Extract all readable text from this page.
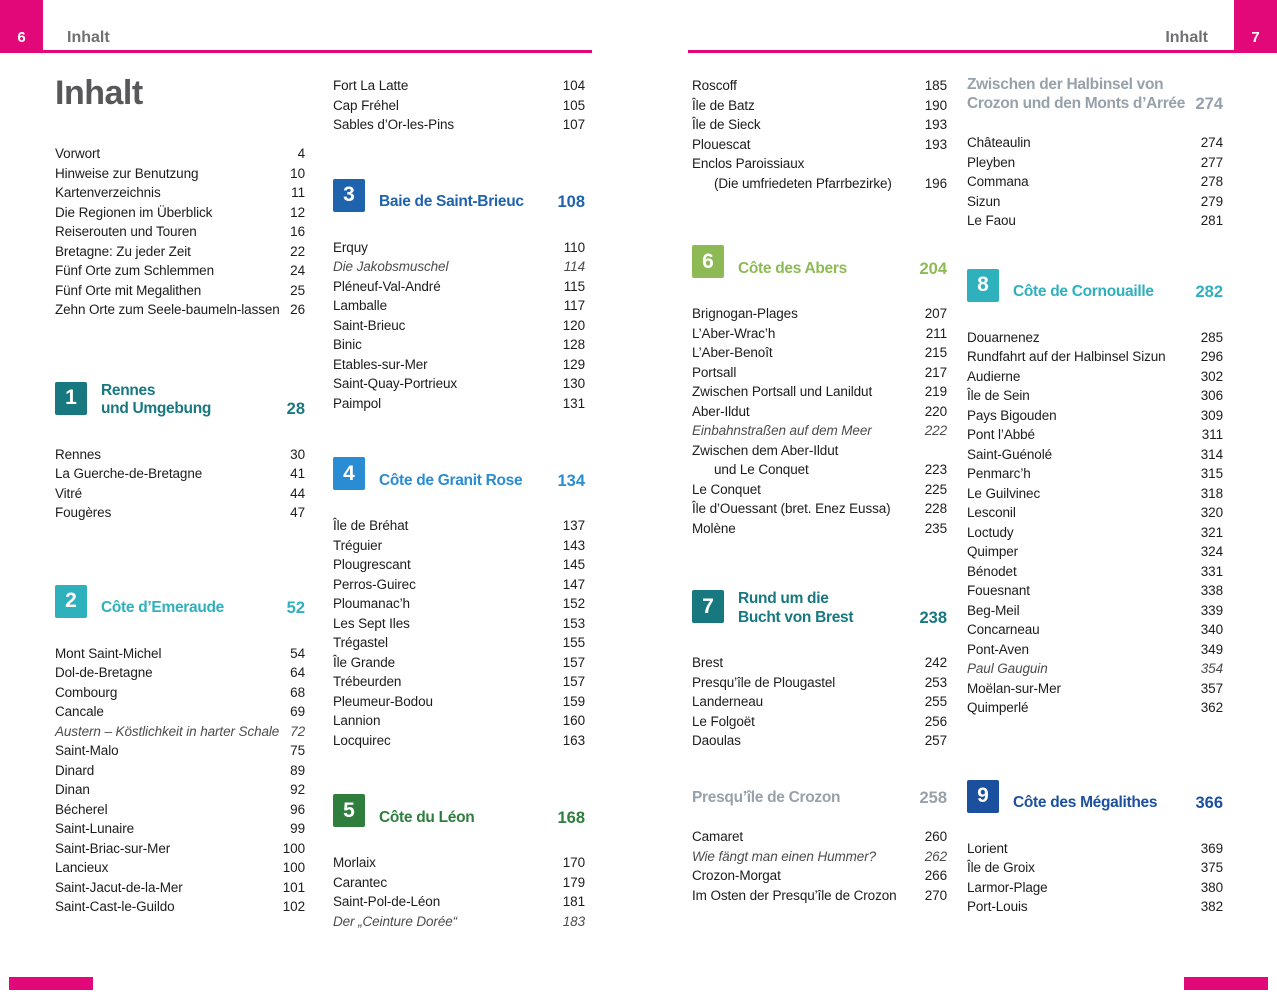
6	Inhalt	Inhalt	7
Inhalt
Vorwort	4
Hinweise zur Benutzung	10
Kartenverzeichnis	11
Die Regionen im Überblick	12
Reiserouten und Touren	16
Bretagne: Zu jeder Zeit	22
Fünf Orte zum Schlemmen	24
Fünf Orte mit Megalithen	25
Zehn Orte zum Seele-baumeln-lassen 26
1	Rennes
und Umgebung	28
Rennes	30
La Guerche-de-Bretagne	41
Vitré	44
Fougères	47
2	Côte d’Emeraude	52
Mont Saint-Michel	54
Dol-de-Bretagne	64
Combourg	68
Cancale	69
Austern – Köstlichkeit in harter Schale 72
Saint-Malo	75
Dinard	89
Dinan	92
Bécherel	96
Saint-Lunaire	99
Saint-Briac-sur-Mer	100
Lancieux	100
Saint-Jacut-de-la-Mer	101
Saint-Cast-le-Guildo	102
Fort La Latte	104
Cap Fréhel	105
Sables d’Or-les-Pins	107
3	Baie de Saint-Brieuc 108
Erquy	110
Die Jakobsmuschel	114
Pléneuf-Val-André	115
Lamballe	117
Saint-Brieuc	120
Binic	128
Etables-sur-Mer	129
Saint-Quay-Portrieux	130
Paimpol	131
4	Côte de Granit Rose 134
Île de Bréhat	137
Tréguier	143
Plougrescant	145
Perros-Guirec	147
Ploumanac’h	152
Les Sept Iles	153
Trégastel	155
Île Grande	157
Trébeurden	157
Pleumeur-Bodou	159
Lannion	160
Locquirec	163
5	Côte du Léon	168
Morlaix	170
Carantec	179
Saint-Pol-de-Léon	181
Der „Ceinture Dorée“	183
Roscoff	185
Île de Batz	190
Île de Sieck	193
Plouescat	193
Enclos Paroissiaux
(Die umfriedeten Pfarrbezirke) 196
6	Côte des Abers	204
Brignogan-Plages	207
L’Aber-Wrac’h	211
L’Aber-Benoît	215
Portsall	217
Zwischen Portsall und Lanildut	219
Aber-Ildut	220
Einbahnstraßen auf dem Meer	222
Zwischen dem Aber-Ildut
und Le Conquet	223
Le Conquet	225
Île d’Ouessant (bret. Enez Eussa)	228
Molène	235
7	Rund um die
Bucht von Brest	238
Brest	242
Presqu’île de Plougastel	253
Landerneau	255
Le Folgoët	256
Daoulas	257
Presqu’île de Crozon	258
Camaret	260
Wie fängt man einen Hummer?	262
Crozon-Morgat	266
Im Osten der Presqu’île de Crozon 270
Zwischen der Halbinsel von
Crozon und den Monts d’Arrée 274
Châteaulin	274
Pleyben	277
Commana	278
Sizun	279
Le Faou	281
8	Côte de Cornouaille	282
Douarnenez	285
Rundfahrt auf der Halbinsel Sizun	296
Audierne	302
Île de Sein	306
Pays Bigouden	309
Pont l’Abbé	311
Saint-Guénolé	314
Penmarc’h	315
Le Guilvinec	318
Lesconil	320
Loctudy	321
Quimper	324
Bénodet	331
Fouesnant	338
Beg-Meil	339
Concarneau	340
Pont-Aven	349
Paul Gauguin	354
Moëlan-sur-Mer	357
Quimperlé	362
9	Côte des Mégalithes 366
Lorient	369
Île de Groix	375
Larmor-Plage	380
Port-Louis	382
